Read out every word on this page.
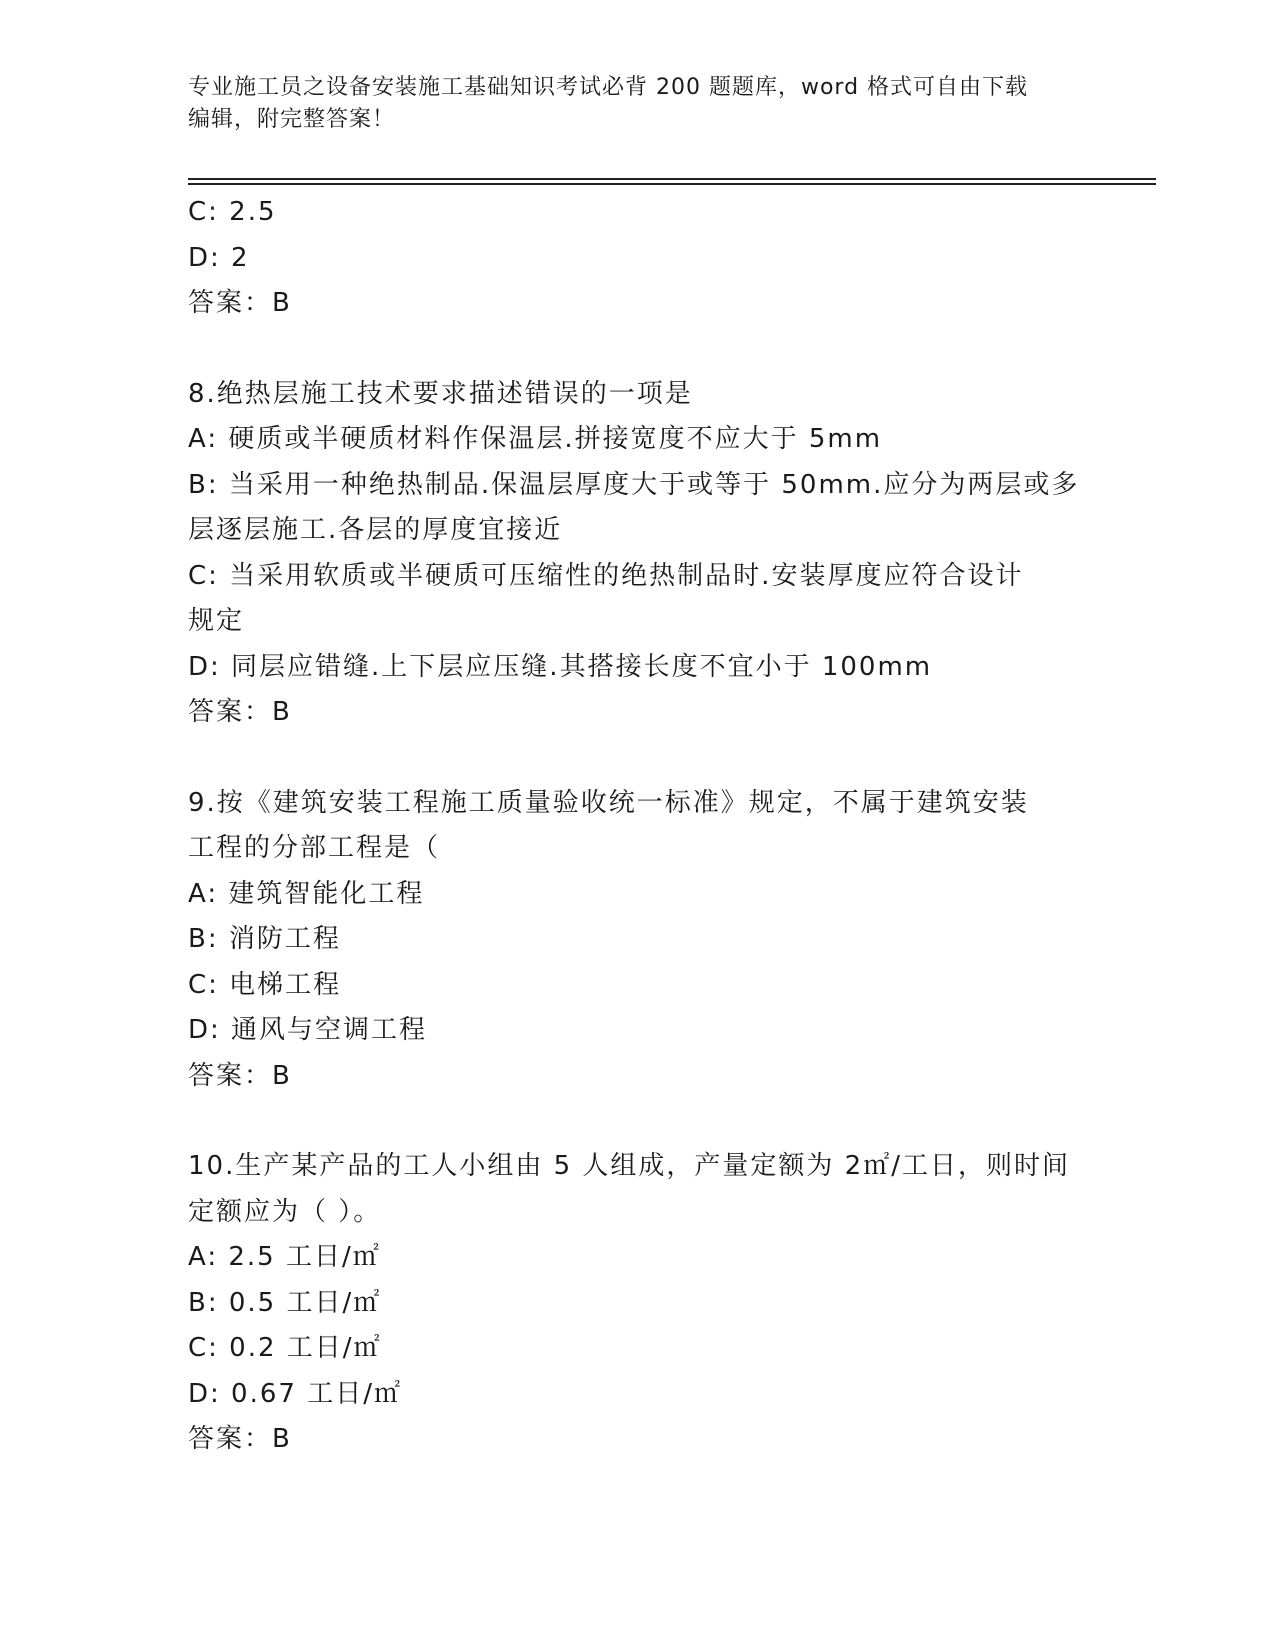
专业施工员之设备安装施工基础知识考试必背 200 题题库，word 格式可自由下载
编辑，附完整答案！
C: 2.5
D: 2
答案：B
8.绝热层施工技术要求描述错误的一项是
A: 硬质或半硬质材料作保温层.拼接宽度不应大于 5mm
B: 当采用一种绝热制品.保温层厚度大于或等于 50mm.应分为两层或多
层逐层施工.各层的厚度宜接近
C: 当采用软质或半硬质可压缩性的绝热制品时.安装厚度应符合设计
规定
D: 同层应错缝.上下层应压缝.其搭接长度不宜小于 100mm
答案：B
9.按《建筑安装工程施工质量验收统一标准》规定，不属于建筑安装
工程的分部工程是（
A: 建筑智能化工程
B: 消防工程
C: 电梯工程
D: 通风与空调工程
答案：B
10.生产某产品的工人小组由 5 人组成，产量定额为 2㎡/工日，则时间
定额应为（ ）。
A: 2.5 工日/㎡
B: 0.5 工日/㎡
C: 0.2 工日/㎡
D: 0.67 工日/㎡
答案：B
